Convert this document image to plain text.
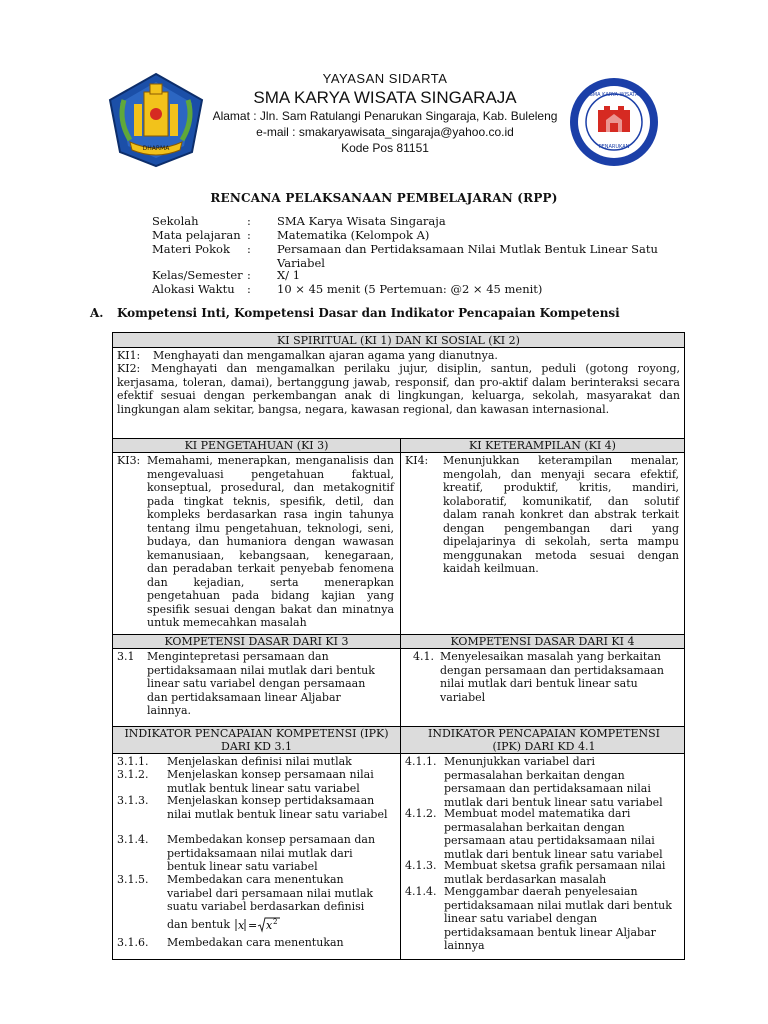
DHARMA
SMA KARYA WISATA
PENARUKAN
YAYASAN SIDARTA
SMA KARYA WISATA SINGARAJA
Alamat : Jln. Sam Ratulangi Penarukan Singaraja, Kab. Buleleng
e-mail : smakaryawisata_singaraja@yahoo.co.id
Kode Pos 81151
RENCANA PELAKSANAAN PEMBELAJARAN (RPP)
Sekolah	: SMA Karya Wisata Singaraja
Mata pelajaran : Matematika (Kelompok A)
Materi Pokok	: Persamaan dan Pertidaksamaan Nilai Mutlak Bentuk Linear Satu Variabel
Kelas/Semester : X/ 1
Alokasi Waktu	: 10 × 45 menit (5 Pertemuan: @2 × 45 menit)
A. Kompetensi Inti, Kompetensi Dasar dan Indikator Pencapaian Kompetensi
KI SPIRITUAL (KI 1) DAN KI SOSIAL (KI 2)
KI1:	Menghayati dan mengamalkan ajaran agama yang dianutnya.
KI2: Menghayati dan mengamalkan perilaku jujur, disiplin, santun, peduli (gotong royong, kerjasama, toleran, damai), bertanggung jawab, responsif, dan pro-aktif dalam berinteraksi secara efektif sesuai dengan perkembangan anak di lingkungan, keluarga, sekolah, masyarakat dan lingkungan alam sekitar, bangsa, negara, kawasan regional, dan kawasan internasional.
KI PENGETAHUAN (KI 3)	KI KETERAMPILAN (KI 4)
KI3: Memahami, menerapkan, menganalisis dan mengevaluasi pengetahuan faktual, konseptual, prosedural, dan metakognitif pada tingkat teknis, spesifik, detil, dan kompleks berdasarkan rasa ingin tahunya tentang ilmu pengetahuan, teknologi, seni, budaya, dan humaniora dengan wawasan kemanusiaan, kebangsaan, kenegaraan, dan peradaban terkait penyebab fenomena dan kejadian, serta menerapkan pengetahuan pada bidang kajian yang spesifik sesuai dengan bakat dan minatnya untuk memecahkan masalah
KI4:	Menunjukkan keterampilan menalar, mengolah, dan menyaji secara efektif, kreatif, produktif, kritis, mandiri, kolaboratif, komunikatif, dan solutif dalam ranah konkret dan abstrak terkait dengan pengembangan dari yang dipelajarinya di sekolah, serta mampu menggunakan metoda sesuai dengan kaidah keilmuan.
KOMPETENSI DASAR DARI KI 3	KOMPETENSI DASAR DARI KI 4
3.1	Mengintepretasi persamaan dan pertidaksamaan nilai mutlak dari bentuk linear satu variabel dengan persamaan dan pertidaksamaan linear Aljabar lainnya.
4.1. Menyelesaikan masalah yang berkaitan dengan persamaan dan pertidaksamaan nilai mutlak dari bentuk linear satu variabel
INDIKATOR PENCAPAIAN KOMPETENSI (IPK) DARI KD 3.1
INDIKATOR PENCAPAIAN KOMPETENSI (IPK) DARI KD 4.1
3.1.1.	Menjelaskan definisi nilai mutlak
3.1.2.	Menjelaskan konsep persamaan nilai mutlak bentuk linear satu variabel
3.1.3.	Menjelaskan konsep pertidaksamaan nilai mutlak bentuk linear satu variabel
3.1.4.	Membedakan konsep persamaan dan pertidaksamaan nilai mutlak dari bentuk linear satu variabel
3.1.5.	Membedakan cara menentukan variabel dari persamaan nilai mutlak suatu variabel berdasarkan definisi
dan bentuk x = x 2
3.1.6.	Membedakan cara menentukan
4.1.1. Menunjukkan variabel dari permasalahan berkaitan dengan persamaan dan pertidaksamaan nilai mutlak dari bentuk linear satu variabel
4.1.2. Membuat model matematika dari permasalahan berkaitan dengan persamaan atau pertidaksamaan nilai mutlak dari bentuk linear satu variabel
4.1.3. Membuat sketsa grafik persamaan nilai mutlak berdasarkan masalah
4.1.4. Menggambar daerah penyelesaian pertidaksamaan nilai mutlak dari bentuk linear satu variabel dengan pertidaksamaan bentuk linear Aljabar lainnya
